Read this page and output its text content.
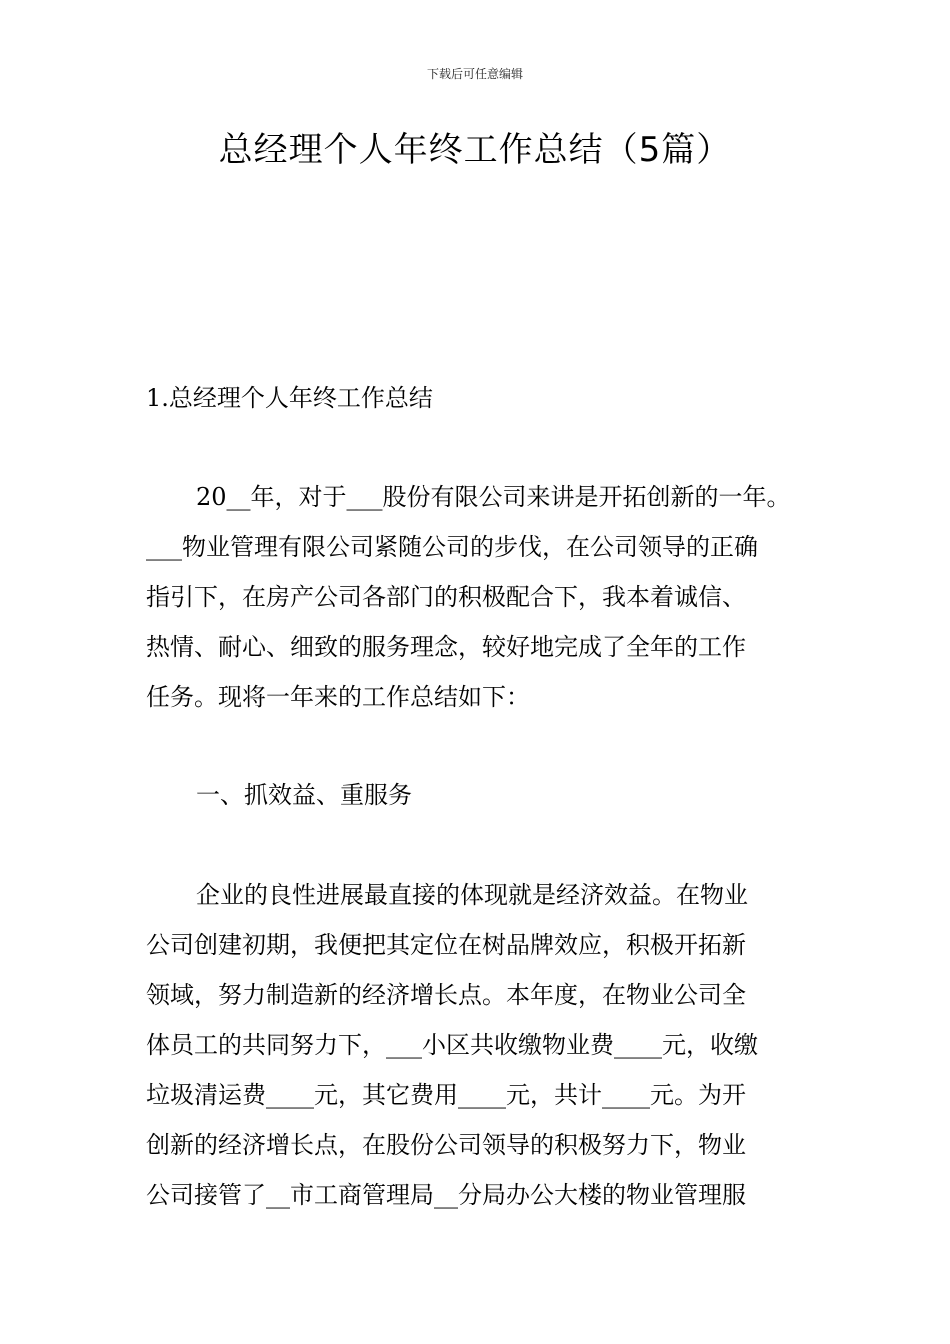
下载后可任意编辑
总经理个人年终工作总结（5篇）
1.总经理个人年终工作总结
20__年，对于___股份有限公司来讲是开拓创新的一年。
___物业管理有限公司紧随公司的步伐，在公司领导的正确
指引下，在房产公司各部门的积极配合下，我本着诚信、
热情、耐心、细致的服务理念，较好地完成了全年的工作
任务。现将一年来的工作总结如下：
一、抓效益、重服务
企业的良性进展最直接的体现就是经济效益。在物业
公司创建初期，我便把其定位在树品牌效应，积极开拓新
领域，努力制造新的经济增长点。本年度，在物业公司全
体员工的共同努力下，___小区共收缴物业费____元，收缴
垃圾清运费____元，其它费用____元，共计____元。为开
创新的经济增长点，在股份公司领导的积极努力下，物业
公司接管了__市工商管理局__分局办公大楼的物业管理服
